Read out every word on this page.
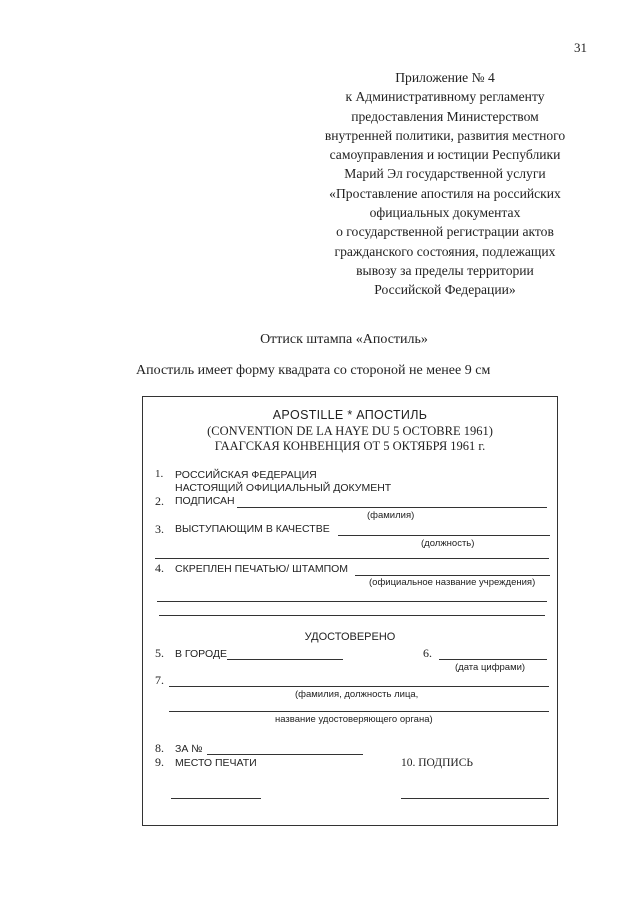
31
Приложение № 4
к Административному регламенту
предоставления Министерством
внутренней политики, развития местного
самоуправления и юстиции Республики
Марий Эл государственной услуги
«Проставление апостиля на российских
официальных документах
о государственной регистрации актов
гражданского состояния, подлежащих
вывозу за пределы территории
Российской Федерации»
Оттиск штампа «Апостиль»
Апостиль имеет форму квадрата со стороной не менее 9 см
APOSTILLE * АПОСТИЛЬ
(CONVENTION DE LA HAYE DU 5 OCTOBRE 1961)
ГААГСКАЯ КОНВЕНЦИЯ ОТ 5 ОКТЯБРЯ 1961 г.
1. РОССИЙСКАЯ ФЕДЕРАЦИЯ
НАСТОЯЩИЙ ОФИЦИАЛЬНЫЙ ДОКУМЕНТ
2. ПОДПИСАН
(фамилия)
3. ВЫСТУПАЮЩИМ В КАЧЕСТВЕ
(должность)
4. СКРЕПЛЕН ПЕЧАТЬЮ/ ШТАМПОМ
(официальное название учреждения)
УДОСТОВЕРЕНО
5. В ГОРОДЕ	6.
(дата цифрами)
7.
(фамилия, должность лица,
название удостоверяющего органа)
8. ЗА №
9. МЕСТО ПЕЧАТИ	10. ПОДПИСЬ
